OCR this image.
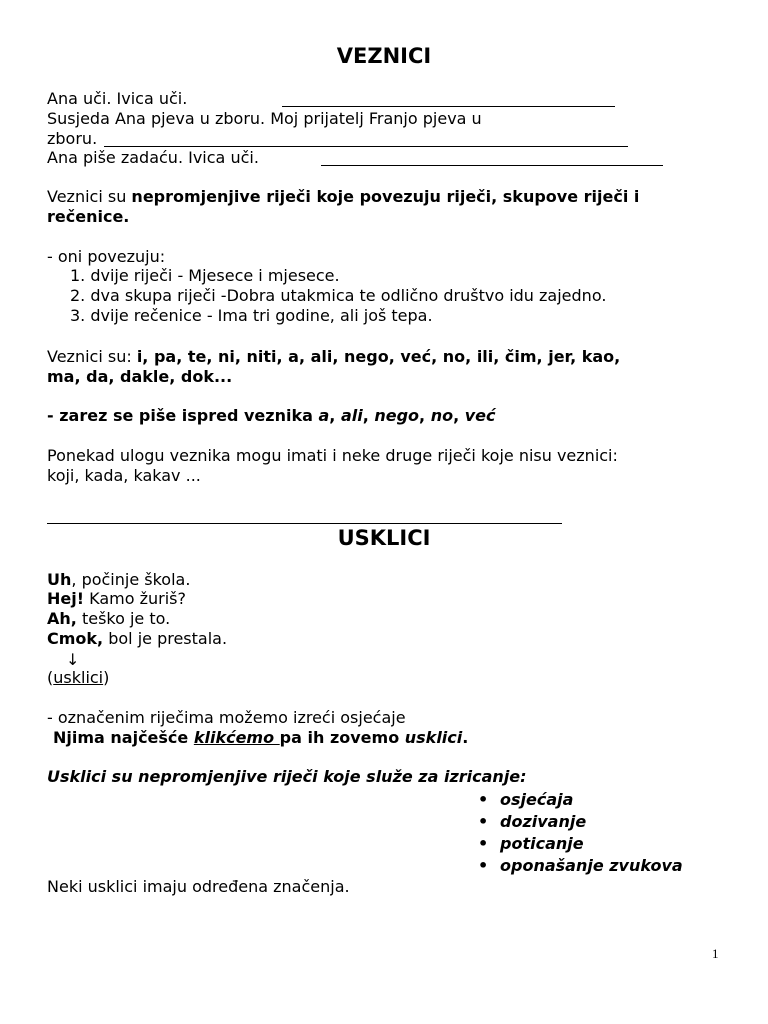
VEZNICI
Ana uči. Ivica uči.
Susjeda Ana pjeva u zboru. Moj prijatelj Franjo pjeva u
zboru.
Ana piše zadaću. Ivica uči.
Veznici su nepromjenjive riječi koje povezuju riječi, skupove riječi i
rečenice.
- oni povezuju:
1. dvije riječi - Mjesece i mjesece.
2. dva skupa riječi -Dobra utakmica te odlično društvo idu zajedno.
3. dvije rečenice - Ima tri godine, ali još tepa.
Veznici su: i, pa, te, ni, niti, a, ali, nego, već, no, ili, čim, jer, kao,
ma, da, dakle, dok...
- zarez se piše ispred veznika a, ali, nego, no, već
Ponekad ulogu veznika mogu imati i neke druge riječi koje nisu veznici:
koji, kada, kakav ...
USKLICI
Uh, počinje škola.
Hej! Kamo žuriš?
Ah, teško je to.
Cmok, bol je prestala.
↓
(usklici)
- označenim riječima možemo izreći osjećaje
Njima najčešće klikćemo pa ih zovemo usklici.
Usklici su nepromjenjive riječi koje služe za izricanje:
• osjećaja
• dozivanje
• poticanje
• oponašanje zvukova
Neki usklici imaju određena značenja.
1
